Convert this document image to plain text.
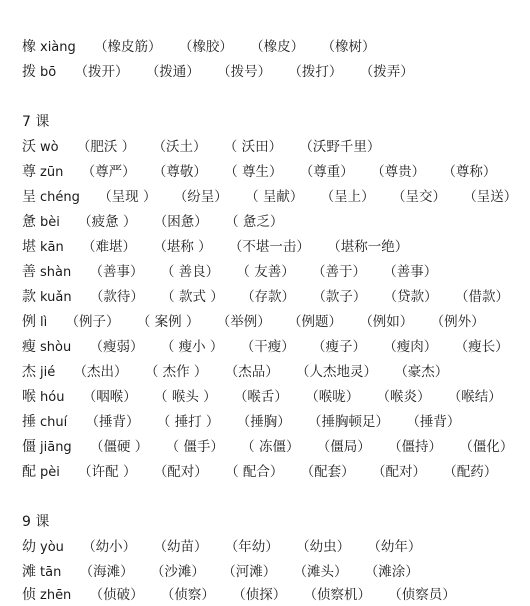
橡 xiàng （橡皮筋） （橡胶） （橡皮） （橡树）
拨 bō （拨开） （拨通） （拨号） （拨打） （拨弄）
7 课
沃 wò （肥沃 ） （沃土） （ 沃田） （沃野千里）
尊 zūn （尊严） （尊敬） （ 尊生） （尊重） （尊贵） （尊称）
呈 chéng （呈现 ） （纷呈） （ 呈献） （呈上） （呈交） （呈送）
惫 bèi （疲惫 ） （困惫） （ 惫乏）
堪 kān （难堪） （堪称 ） （不堪一击） （堪称一绝）
善 shàn （善事） （ 善良） （ 友善） （善于） （善事）
款 kuǎn （款待） （ 款式 ） （存款） （款子） （贷款） （借款）
例 lì （例子） （ 案例 ） （举例） （例题） （例如） （例外）
瘦 shòu （瘦弱） （ 瘦小 ） （干瘦） （瘦子） （瘦肉） （瘦长）
杰 jié （杰出） （ 杰作 ） （杰品） （人杰地灵） （豪杰）
喉 hóu （咽喉） （ 喉头 ） （喉舌） （喉咙） （喉炎） （喉结）
捶 chuí （捶背） （ 捶打 ） （捶胸） （捶胸顿足） （捶背）
僵 jiāng （僵硬 ） （ 僵手） （ 冻僵） （僵局） （僵持） （僵化）
配 pèi （许配 ） （配对） （ 配合） （配套） （配对） （配药）
9 课
幼 yòu （幼小） （幼苗） （年幼） （幼虫） （幼年）
滩 tān （海滩） （沙滩） （河滩） （滩头） （滩涂）
侦 zhēn （侦破） （侦察） （侦探） （侦察机） （侦察员）
